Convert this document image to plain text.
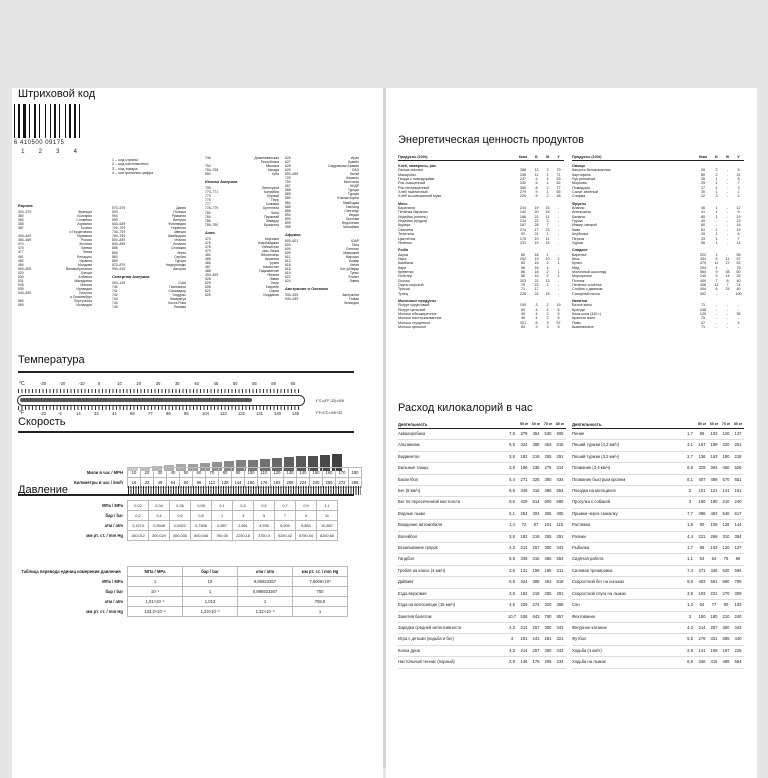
Штриховой код
6 410500 09175
1 2 3 4
1 – код страны
2 – код изготовителя
3 – код товара
4 – контрольная цифра
Европа
300–379	Франция
380	Болгария
383	Словения
385	Хорватия
387	Босния
и Герцеговина
400–440	Германия
460–469	Россия
474	Эстония
475	Латвия
477	Литва
481	Беларусь
482	Украина
484	Молдова
500–509	Великобритания
520	Греция
530	Албания
531	Македония
535	Мальта
539	Ирландия
540–549	Бельгия
и Люксембург
560	Португалия
569	Исландия
570–579	Дания
590	Польша
594	Румыния
599	Венгрия
640–649	Финляндия
700–709	Норвегия
730–739	Швеция
760–769	Швейцария
800–839	Италия
840–849	Испания
858	Словакия
859	Чехия
860	Сербия
869	Турция
870–879	Нидерланды
900–919	Австрия
Северная Америка
000–139	США
740	Гватемала
741	Сальвадор
742	Гондурас
743	Никарагуа
744	Коста-Рика
745	Панама
746	Доминиканская
Республика
750	Мексика
754–755	Канада
850	Куба
Южная Америка
759	Венесуэла
770–771	Колумбия
773	Уругвай
775	Перу
777	Боливия
778–779	Аргентина
780	Чили
784	Парагвай
786	Эквадор
789–790	Бразилия
Азия
470	Киргизия
476	Азербайджан
478	Узбекистан
479	Шри-Ланка
480	Филиппины
485	Армения
486	Грузия
487	Казахстан
488	Таджикистан
490–499	Япония
528	Ливан
529	Кипр
608	Бахрейн
621	Сирия
625	Иордания
626	Иран
627	Кувейт
628	Саудовская Аравия
629	ОАЭ
690–695	Китай
729	Израиль
750	Монголия
867	КНДР
868	Турция
869	Турция
880	Южная Корея
884	Камбоджа
885	Таиланд
888	Сингапур
890	Индия
893	Вьетнам
899	Индонезия
955	Малайзия
Африка
600–601	ЮАР
603	Гана
604	Сенегал
609	Маврикий
611	Марокко
613	Алжир
616	Кения
618	Кот-д'Ивуар
619	Тунис
622	Египет
624	Ливия
Австралия и Океания
930–939	Австралия
940–949	Новая
Зеландия
Температура
°C	-30	-20	-10	0	10	20	30	35	40	45	50	55	60	65
°F	-22	-4	14	32	41	68	77	86	95	104	113	122	131	140	149
t°C=(t°F-32)×5/9
t°F=t°C×9/5+32
Скорость
Мили в час / MPH	10	20	30	40	50	60	70	80	90	100	110	120	130	140	150	160	170	180
Километры в час / km/h	16	32	48	64	80	96	112	128	144	160	176	192	208	224	240	256	272	288
Давление
МПа / MPa	0,02	0,04	0,06	0,08	0,1	0,3	0,5	0,7	0,9	1,1
бар / bar	0,2	0,4	0,6	0,8	1	3	5	7	9	11
атм / atm	0,1974	0,3948	0,5922	0,7896	0,987	2,961	4,935	6,909	8,883	10,857
мм рт. ст. / mm Hg	150,012	300,024	450,036	600,048	750,06	2250,18	3750,3	5250,42	6750,54	8250,66
Таблица перевода единиц измерения давления	МПа / MPa	бар / bar	атм / atm	мм рт. ст. / mm Hg
МПа / MPa	1	10	9,86923267	7,5006×10³
бар / bar	10⁻¹	1	0,986923267	750
атм / atm	1,01×10⁻¹	1,013	1	759,9
мм рт. ст. / mm Hg	133,3×10⁻⁶	1,33×10⁻³	1,32×10⁻³	1
Энергетическая ценность продуктов
Продукты (100г)	Ккал	Б	Ж	У
Хлеб, макароны, рис
Лапша яичная	368	13	2	79
Макароны	336	11	1	71
Пицца с помидорами	247	4	4	53
Рис очищенный	330	6	1	82
Рис неочищенный	360	8	2	77
Хлеб пшеничный	279	9	1	65
Хлеб из смешанной муки	229	9	2	48
Мясо
Баранина	214	19	15	-
Печёнка баранья	142	20	15	-
Индейка (голень)	186	21	11	-
Индейка (грудка)	134	22	5	-
Курица	167	25	7	-
Свинина	274	17	23	-
Телятина	92	21	1	-
Цыплёнок	175	19	11	-
Ягнёнок	231	19	15	-
Рыба
Акула	80	18	1	-
Икра	252	19	19	2
Камбала	83	16	2	1
Карп	96	16	4	-
Креветки	86	18	2	1
Лобстер	86	16	2	1
Лосось	203	21	13	-
Окунь морской	75	15	2	-
Треска	71	17	-	-
Тунец	226	22	15	-
Молочные продукты
Йогурт фруктовый	100	3	2	19
Йогурт цельный	64	4	4	5
Молоко обезжиренное	49	4	2	5
Молоко пастеризованное	49	4	2	5
Молоко сгущенное	321	8	9	57
Молоко цельное	63	3	3	5
Продукты (100г)	Ккал	Б	Ж	У
Овощи
Капуста белокочанная	28	2	-	5
Картофель	80	2	-	21
Лук репчатый	35	1	-	8
Морковь	29	1	-	7
Помидоры	17	1	-	3
Салат зелёный	30	1	-	1
Спаржа	22	3	-	2
Фрукты
Ананас	46	1	-	12
Апельсины	41	1	-	9
Бананы	80	1	-	19
Груша	49	-	-	13
Инжир свежий	60	-	-	16
Киви	61	1	-	15
Клубника	29	1	-	6
Персик	33	1	-	7
Хурма	56	1	-	14
Сладкое
Варенье	222	1	-	59
Кекс	334	6	11	57
Кулич	479	11	27	52
Мёд	294	1	-	76
Молочный шоколад	564	9	38	60
Мороженое	240	5	14	26
Пончик	409	7	8	40
Печенье слоёное	406	12	7	74
Слойка с джемом	404	6	24	40
Сахарный песок	392	-	-	100
Напитки
Белое вино	71	-	-	-
Бренди	248	-	-	-
Кока-кола (330 г)	129	-	-	35
Красное вино	75	-	-	-
Пиво	47	-	-	5
Шампанское	71	-	-	-
Расход килокалорий в час
Деятельность	50 кг	60 кг	70 кг	80 кг
Аквааэробика	7,6	379	454	530	606
Альпинизм	6,5	324	388	453	518
Бадминтон	3,6	182	219	255	291
Бальные танцы	3,9	196	236	275	314
Баскетбол	5,4	271	326	380	434
Бег (8 км/ч)	6,9	346	416	485	554
Бег по пересеченной местности	8,6	429	514	600	686
Водные лыжи	5,1	254	304	355	405
Вождение автомобиля	1,4	72	87	101	115
Волейбол	3,6	182	219	255	291
Вскапывание грядок	4,3	214	257	300	343
Гандбол	6,9	346	416	485	554
Гребля на каноэ (4 км/ч)	2,6	131	159	185	211
Дайвинг	6,5	324	388	453	518
Езда верховая	3,6	182	219	255	291
Езда на велосипеде (15 км/ч)	4,6	229	274	320	366
Занятия балетом	10,7	536	643	750	857
Зарядка средней интенсивности	4,3	214	257	300	343
Игра с детьми (ходьба и бег)	4	201	241	281	321
Колка дров	4,3	214	257	300	343
Настольный теннис (парный)	2,9	146	176	205	234
Деятельность	50 кг	60 кг	70 кг	80 кг
Пение	1,7	86	103	120	137
Пеший туризм (4,2 км/ч)	3,1	157	189	220	251
Пеший туризм (3,2 км/ч)	2,7	136	163	190	218
Плавание (2,4 км/ч)	6,6	329	394	460	526
Плавание быстрым кролем	8,1	407	489	570	651
Поездка на мотоцикле	2	101	121	141	161
Прогулка с собакой	3	150	180	210	240
Прыжки через скакалку	7,7	386	463	540	617
Растяжка	1,8	90	108	126	144
Ролики	4,4	221	266	310	354
Рыбалка	1,7	86	103	120	137
Сидячая работа	1,1	54	64	75	86
Силовая тренировка	7,4	371	445	520	594
Скоростной бег на коньках	9,9	493	591	690	789
Скоростной спуск на лыжах	3,9	193	231	270	309
Сон	1,3	64	77	90	103
Фехтование	3	150	180	210	240
Фигурное катание	4,3	214	257	300	343
Футбол	5,5	276	331	385	440
Ходьба (4 км/ч)	2,8	141	169	197	225
Ходьба на лыжах	6,9	346	416	485	554
